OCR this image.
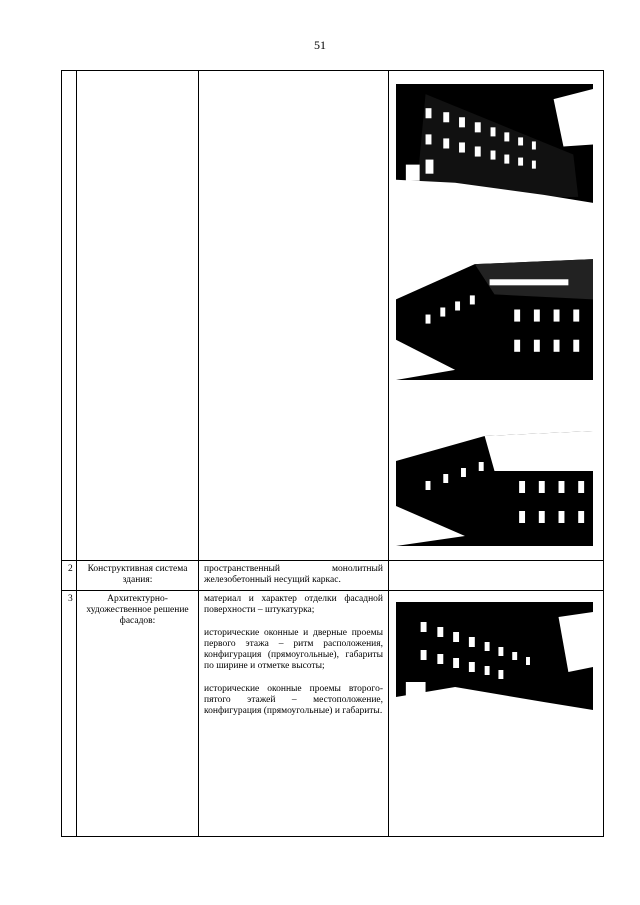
51
2	Конструктивная система здания:

пространственный монолитный железобетонный несущий каркас.

3	Архитектурно-художественное решение фасадов:

материал и характер отделки фасадной поверхности – штукатурка;

исторические оконные и дверные проемы первого этажа – ритм расположения, конфигурация (прямоугольные), габариты по ширине и отметке высоты;

исторические оконные проемы второго-пятого этажей – местоположение, конфигурация (прямоугольные) и габариты.
